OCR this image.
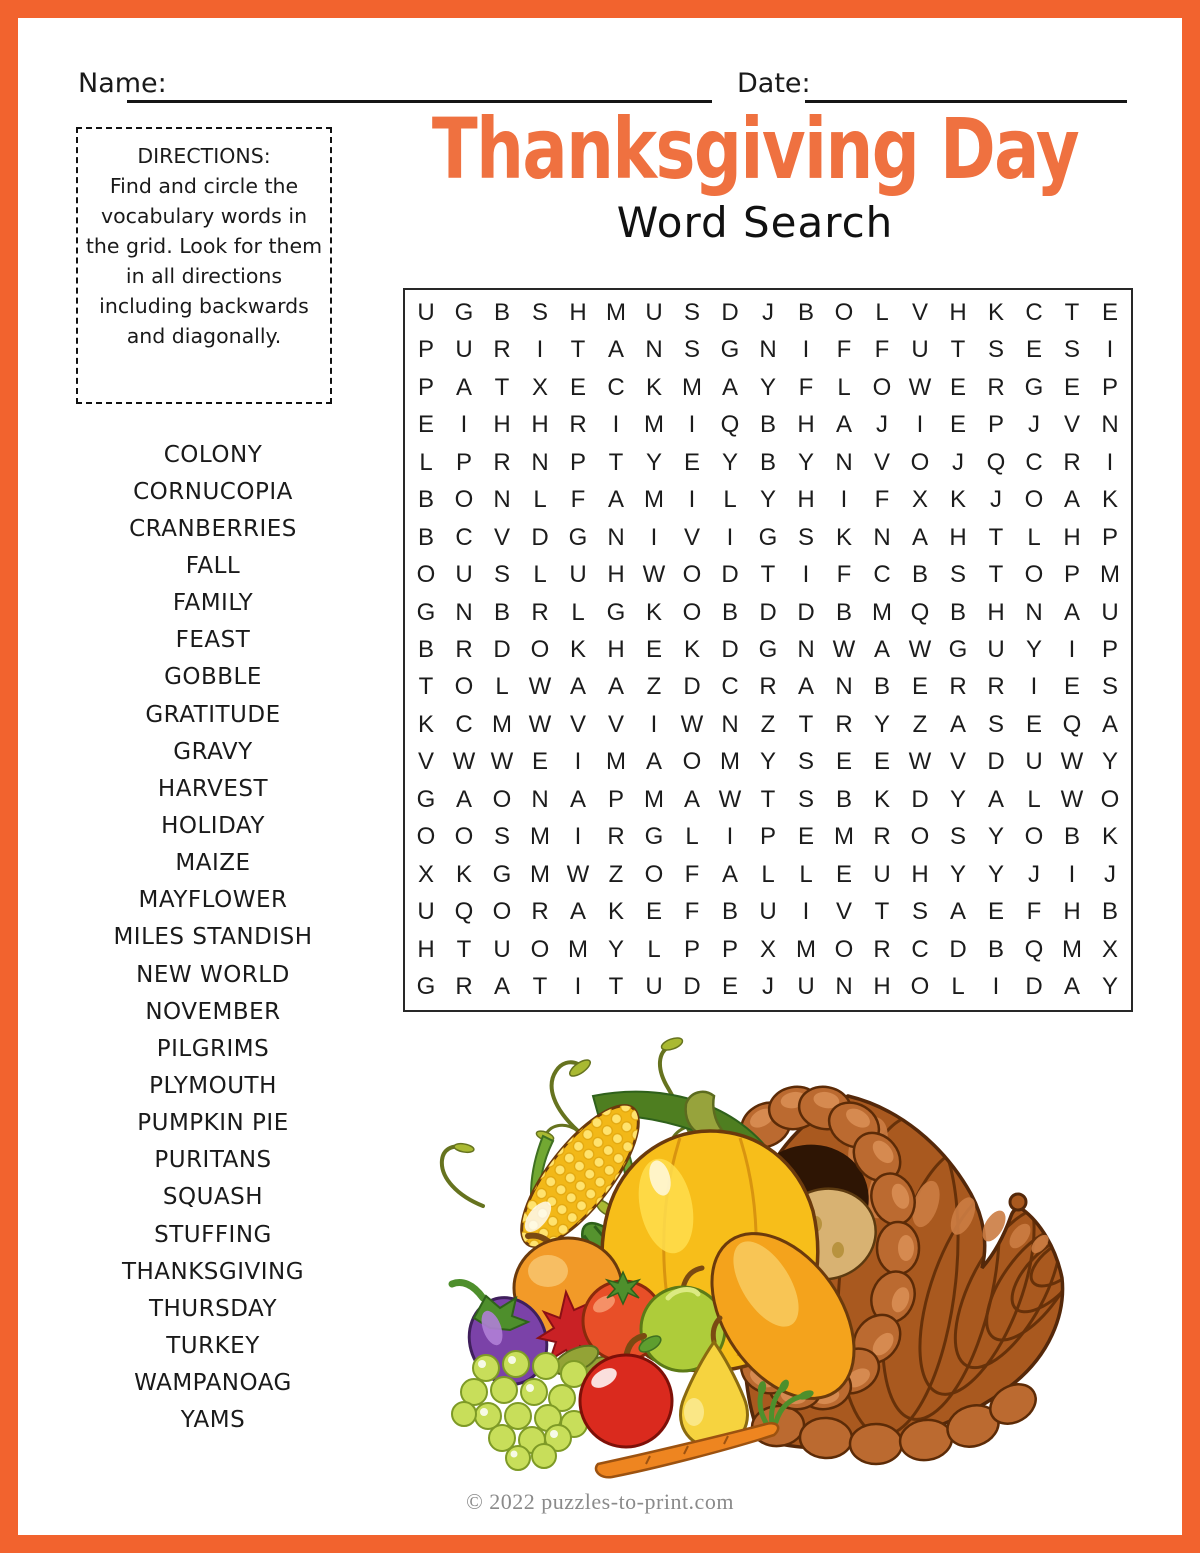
Name:	Date:
Thanksgiving Day
Word Search
DIRECTIONS:
Find and circle the vocabulary words in the grid. Look for them in all directions including backwards and diagonally.
COLONY
CORNUCOPIA
CRANBERRIES
FALL
FAMILY
FEAST
GOBBLE
GRATITUDE
GRAVY
HARVEST
HOLIDAY
MAIZE
MAYFLOWER
MILES STANDISH
NEW WORLD
NOVEMBER
PILGRIMS
PLYMOUTH
PUMPKIN PIE
PURITANS
SQUASH
STUFFING
THANKSGIVING
THURSDAY
TURKEY
WAMPANOAG
YAMS
U G B S H M U S D J B O L V H K C T E
P U R	I	T A N S G N	I	F F U T S E S	I
P A T X E C K M A Y F L O W E R G E P
E	I	H H R	I	M	I	Q B H A	J	I	E P	J V N
L P R N P T Y E Y B Y N V O J Q C R	I
B O N L F A M	I	L Y H	I	F X K	J O A K
B C V D G N	I	V	I	G S K N A H T L H P
O U S L U H W O D T	I	F C B S T O P M
G N B R L G K O B D D B M Q B H N A U
B R D O K H E K D G N W A W G U Y	I	P
T O L W A A Z D C R A N B E R R	I	E S
K C M W V V	I W N Z T R Y Z A S E Q A
V W W E	I	M A O M Y S E E W V D U W Y
G A O N A P M A W T S B K D Y A L W O
O O S M	I	R G L	I	P E M R O S Y O B K
X K G M W Z O F A L	L E U H Y Y	J	I	J
U Q O R A K E F B U	I	V T S A E F H B
H T U O M Y L P P X M O R C D B Q M X
G R A T	I	T U D E	J U N H O L	I	D A Y
© 2022 puzzles-to-print.com
